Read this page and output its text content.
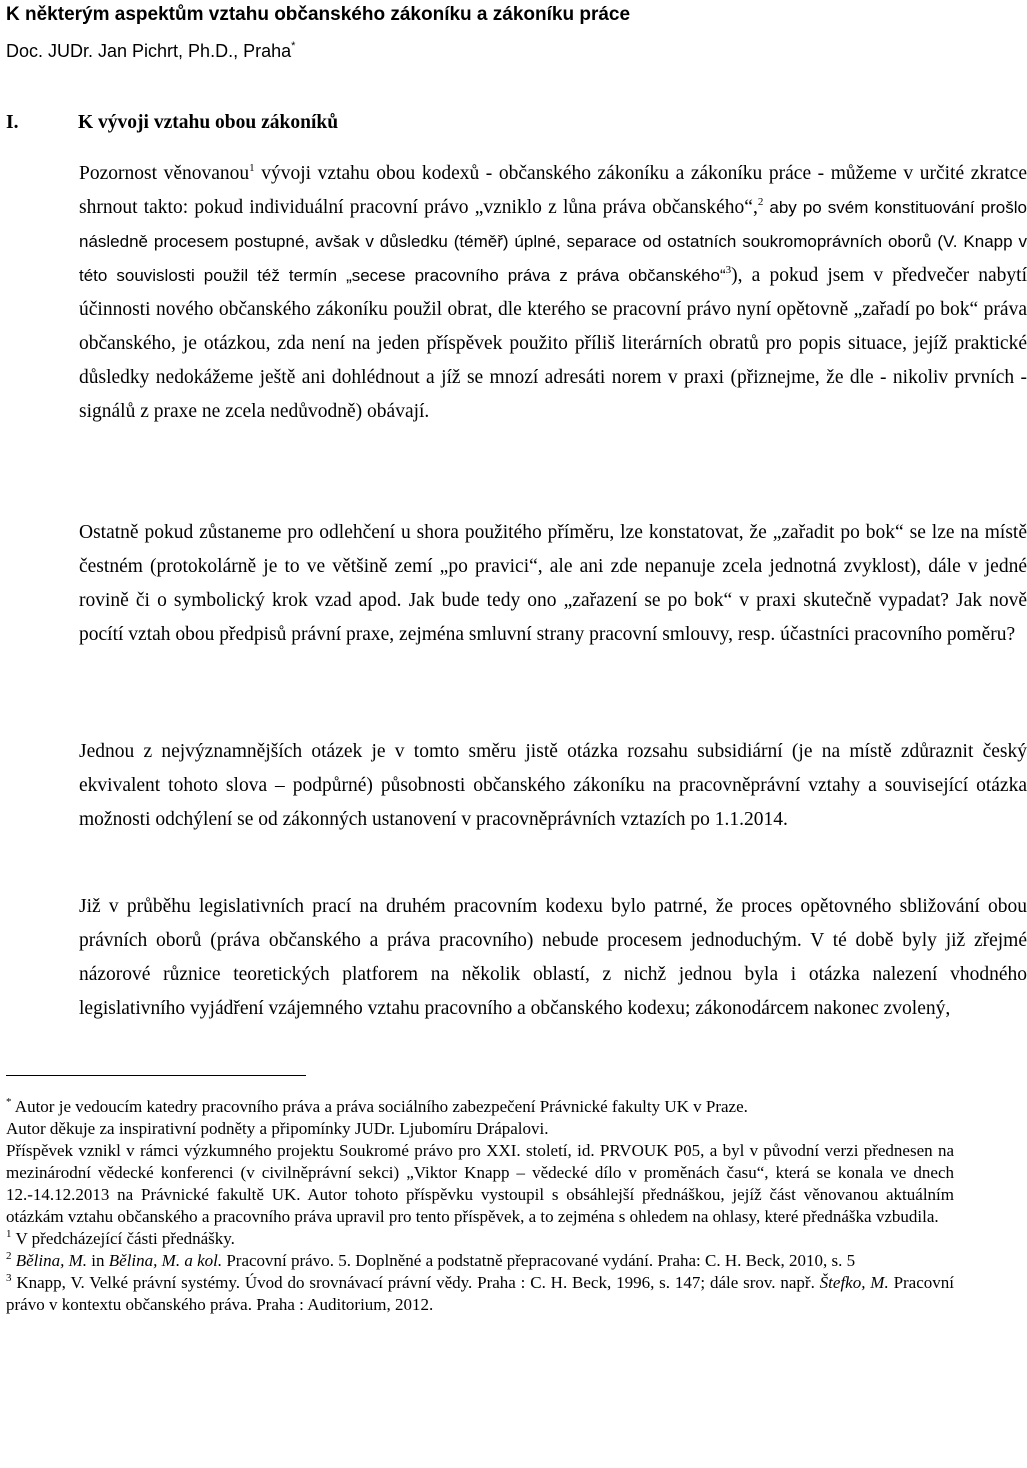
K některým aspektům vztahu občanského zákoníku a zákoníku práce

Doc. JUDr. Jan Pichrt, Ph.D., Praha*

I.	K vývoji vztahu obou zákoníků

Pozornost věnovanou$^1$ vývoji vztahu obou kodexů - občanského zákoníku a zákoníku práce - můžeme v určité zkratce shrnout takto: pokud individuální pracovní právo „vzniklo z lůna práva občanského“,$^2$ aby po svém konstituování prošlo následně procesem postupné, avšak v důsledku (téměř) úplné, separace od ostatních soukromoprávních oborů (V. Knapp v této souvislosti použil též termín „secese pracovního práva z práva občanského“$^3$), a pokud jsem v předvečer nabytí účinnosti nového občanského zákoníku použil obrat, dle kterého se pracovní právo nyní opětovně „zařadí po bok“ práva občanského, je otázkou, zda není na jeden příspěvek použito příliš literárních obratů pro popis situace, jejíž praktické důsledky nedokážeme ještě ani dohlédnout a jíž se mnozí adresáti norem v praxi (přiznejme, že dle - nikoliv prvních - signálů z praxe ne zcela nedůvodně) obávají.

Ostatně pokud zůstaneme pro odlehčení u shora použitého příměru, lze konstatovat, že „zařadit po bok“ se lze na místě čestném (protokolárně je to ve většině zemí „po pravici“, ale ani zde nepanuje zcela jednotná zvyklost), dále v jedné rovině či o symbolický krok vzad apod. Jak bude tedy ono „zařazení se po bok“ v praxi skutečně vypadat? Jak nově pocítí vztah obou předpisů právní praxe, zejména smluvní strany pracovní smlouvy, resp. účastníci pracovního poměru?

Jednou z nejvýznamnějších otázek je v tomto směru jistě otázka rozsahu subsidiární (je na místě zdůraznit český ekvivalent tohoto slova – podpůrné) působnosti občanského zákoníku na pracovněprávní vztahy a související otázka možnosti odchýlení se od zákonných ustanovení v pracovněprávních vztazích po 1.1.2014.

Již v průběhu legislativních prací na druhém pracovním kodexu bylo patrné, že proces opětovného sbližování obou právních oborů (práva občanského a práva pracovního) nebude procesem jednoduchým. V té době byly již zřejmé názorové různice teoretických platforem na několik oblastí, z nichž jednou byla i otázka nalezení vhodného legislativního vyjádření vzájemného vztahu pracovního a občanského kodexu; zákonodárcem nakonec zvolený,

* Autor je vedoucím katedry pracovního práva a práva sociálního zabezpečení Právnické fakulty UK v Praze.

Autor děkuje za inspirativní podněty a připomínky JUDr. Ljubomíru Drápalovi.

Příspěvek vznikl v rámci výzkumného projektu Soukromé právo pro XXI. století, id. PRVOUK P05, a byl v původní verzi přednesen na mezinárodní vědecké konferenci (v civilněprávní sekci) „Viktor Knapp – vědecké dílo v proměnách času“, která se konala ve dnech 12.-14.12.2013 na Právnické fakultě UK. Autor tohoto příspěvku vystoupil s obsáhlejší přednáškou, jejíž část věnovanou aktuálním otázkám vztahu občanského a pracovního práva upravil pro tento příspěvek, a to zejména s ohledem na ohlasy, které přednáška vzbudila.

$^1$ V předcházející části přednášky.

$^2$ Bělina, M. in Bělina, M. a kol. Pracovní právo. 5. Doplněné a podstatně přepracované vydání. Praha: C. H. Beck, 2010, s. 5

$^3$ Knapp, V. Velké právní systémy. Úvod do srovnávací právní vědy. Praha : C. H. Beck, 1996, s. 147; dále srov. např. Štefko, M. Pracovní právo v kontextu občanského práva. Praha : Auditorium, 2012.
